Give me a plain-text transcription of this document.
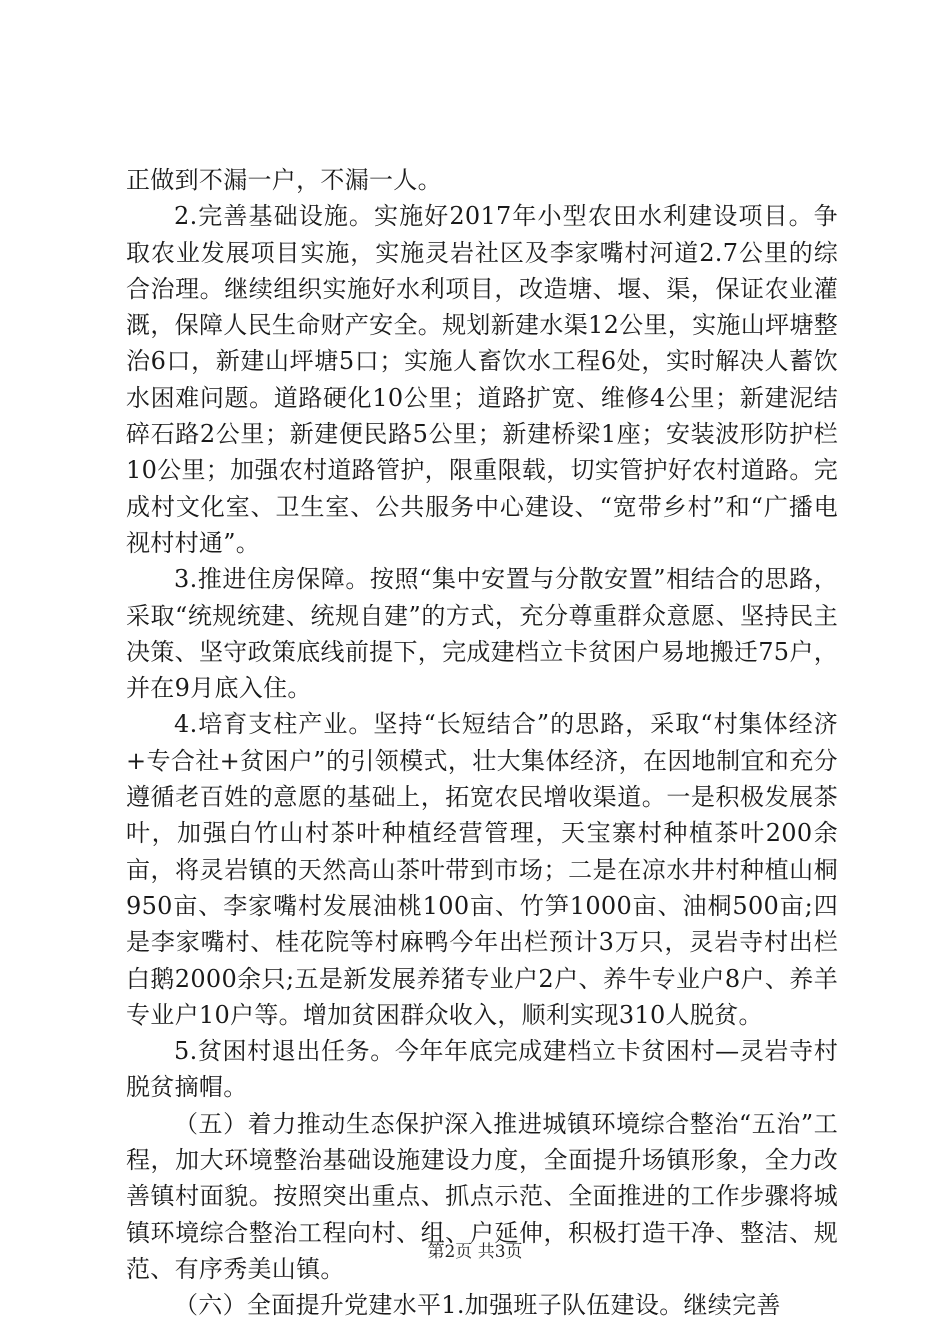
正做到不漏一户，不漏一人。

2.完善基础设施。实施好2017年小型农田水利建设项目。争取农业发展项目实施，实施灵岩社区及李家嘴村河道2.7公里的综合治理。继续组织实施好水利项目，改造塘、堰、渠，保证农业灌溉，保障人民生命财产安全。规划新建水渠12公里，实施山坪塘整治6口，新建山坪塘5口；实施人畜饮水工程6处，实时解决人蓄饮水困难问题。道路硬化10公里；道路扩宽、维修4公里；新建泥结碎石路2公里；新建便民路5公里；新建桥梁1座；安装波形防护栏10公里；加强农村道路管护，限重限载，切实管护好农村道路。完成村文化室、卫生室、公共服务中心建设、“宽带乡村”和“广播电视村村通”。

3.推进住房保障。按照“集中安置与分散安置”相结合的思路，采取“统规统建、统规自建”的方式，充分尊重群众意愿、坚持民主决策、坚守政策底线前提下，完成建档立卡贫困户易地搬迁75户，并在9月底入住。

4.培育支柱产业。坚持“长短结合”的思路，采取“村集体经济+专合社+贫困户”的引领模式，壮大集体经济，在因地制宜和充分遵循老百姓的意愿的基础上，拓宽农民增收渠道。一是积极发展茶叶，加强白竹山村茶叶种植经营管理，天宝寨村种植茶叶200余亩，将灵岩镇的天然高山茶叶带到市场；二是在凉水井村种植山桐950亩、李家嘴村发展油桃100亩、竹笋1000亩、油桐500亩;四是李家嘴村、桂花院等村麻鸭今年出栏预计3万只，灵岩寺村出栏白鹅2000余只;五是新发展养猪专业户2户、养牛专业户8户、养羊专业户10户等。增加贫困群众收入，顺利实现310人脱贫。

5.贫困村退出任务。今年年底完成建档立卡贫困村—灵岩寺村脱贫摘帽。

（五）着力推动生态保护深入推进城镇环境综合整治“五治”工程，加大环境整治基础设施建设力度，全面提升场镇形象，全力改善镇村面貌。按照突出重点、抓点示范、全面推进的工作步骤将城镇环境综合整治工程向村、组、户延伸，积极打造干净、整洁、规范、有序秀美山镇。

（六）全面提升党建水平1.加强班子队伍建设。继续完善

第2页 共3页
